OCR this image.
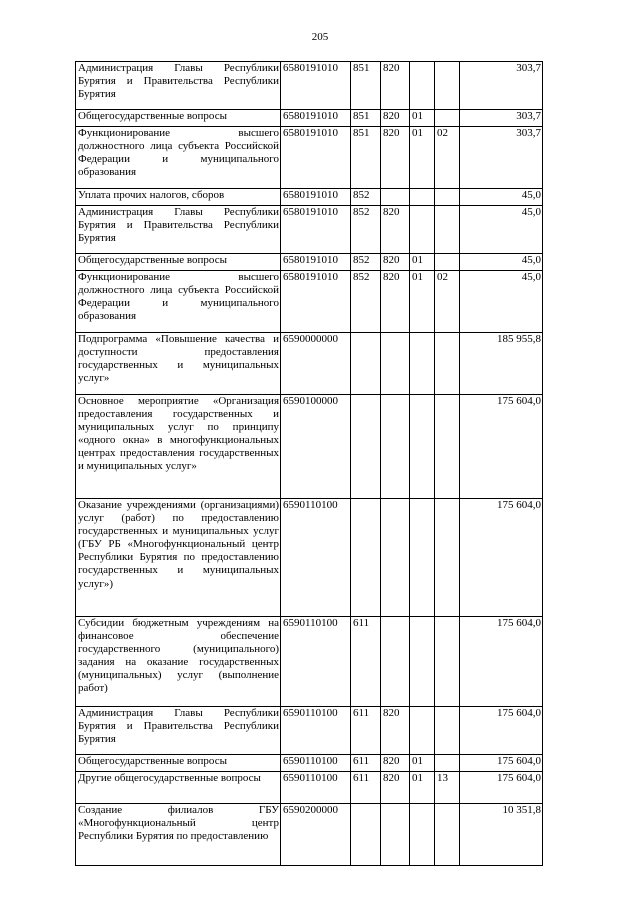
205
Администрация Главы Республики Бурятия и Правительства Республики Бурятия	6580191010	851	820			303,7
Общегосударственные вопросы	6580191010	851	820	01		303,7
Функционирование высшего должностного лица субъекта Российской Федерации и муниципального образования	6580191010	851	820	01	02	303,7
Уплата прочих налогов, сборов	6580191010	852				45,0
Администрация Главы Республики Бурятия и Правительства Республики Бурятия	6580191010	852	820			45,0
Общегосударственные вопросы	6580191010	852	820	01		45,0
Функционирование высшего должностного лица субъекта Российской Федерации и муниципального образования	6580191010	852	820	01	02	45,0
Подпрограмма «Повышение качества и доступности предоставления государственных и муниципальных услуг»	6590000000					185 955,8
Основное мероприятие «Организация предоставления государственных и муниципальных услуг по принципу «одного окна» в многофункциональных центрах предоставления государственных и муниципальных услуг»	6590100000					175 604,0
Оказание учреждениями (организациями) услуг (работ) по предоставлению государственных и муниципальных услуг (ГБУ РБ «Многофункциональный центр Республики Бурятия по предоставлению государственных и муниципальных услуг»)	6590110100					175 604,0
Субсидии бюджетным учреждениям на финансовое обеспечение государственного (муниципального) задания на оказание государственных (муниципальных) услуг (выполнение работ)	6590110100	611				175 604,0
Администрация Главы Республики Бурятия и Правительства Республики Бурятия	6590110100	611	820			175 604,0
Общегосударственные вопросы	6590110100	611	820	01		175 604,0
Другие общегосударственные вопросы	6590110100	611	820	01	13	175 604,0
Создание филиалов ГБУ «Многофункциональный центр Республики Бурятия по предоставлению	6590200000					10 351,8
